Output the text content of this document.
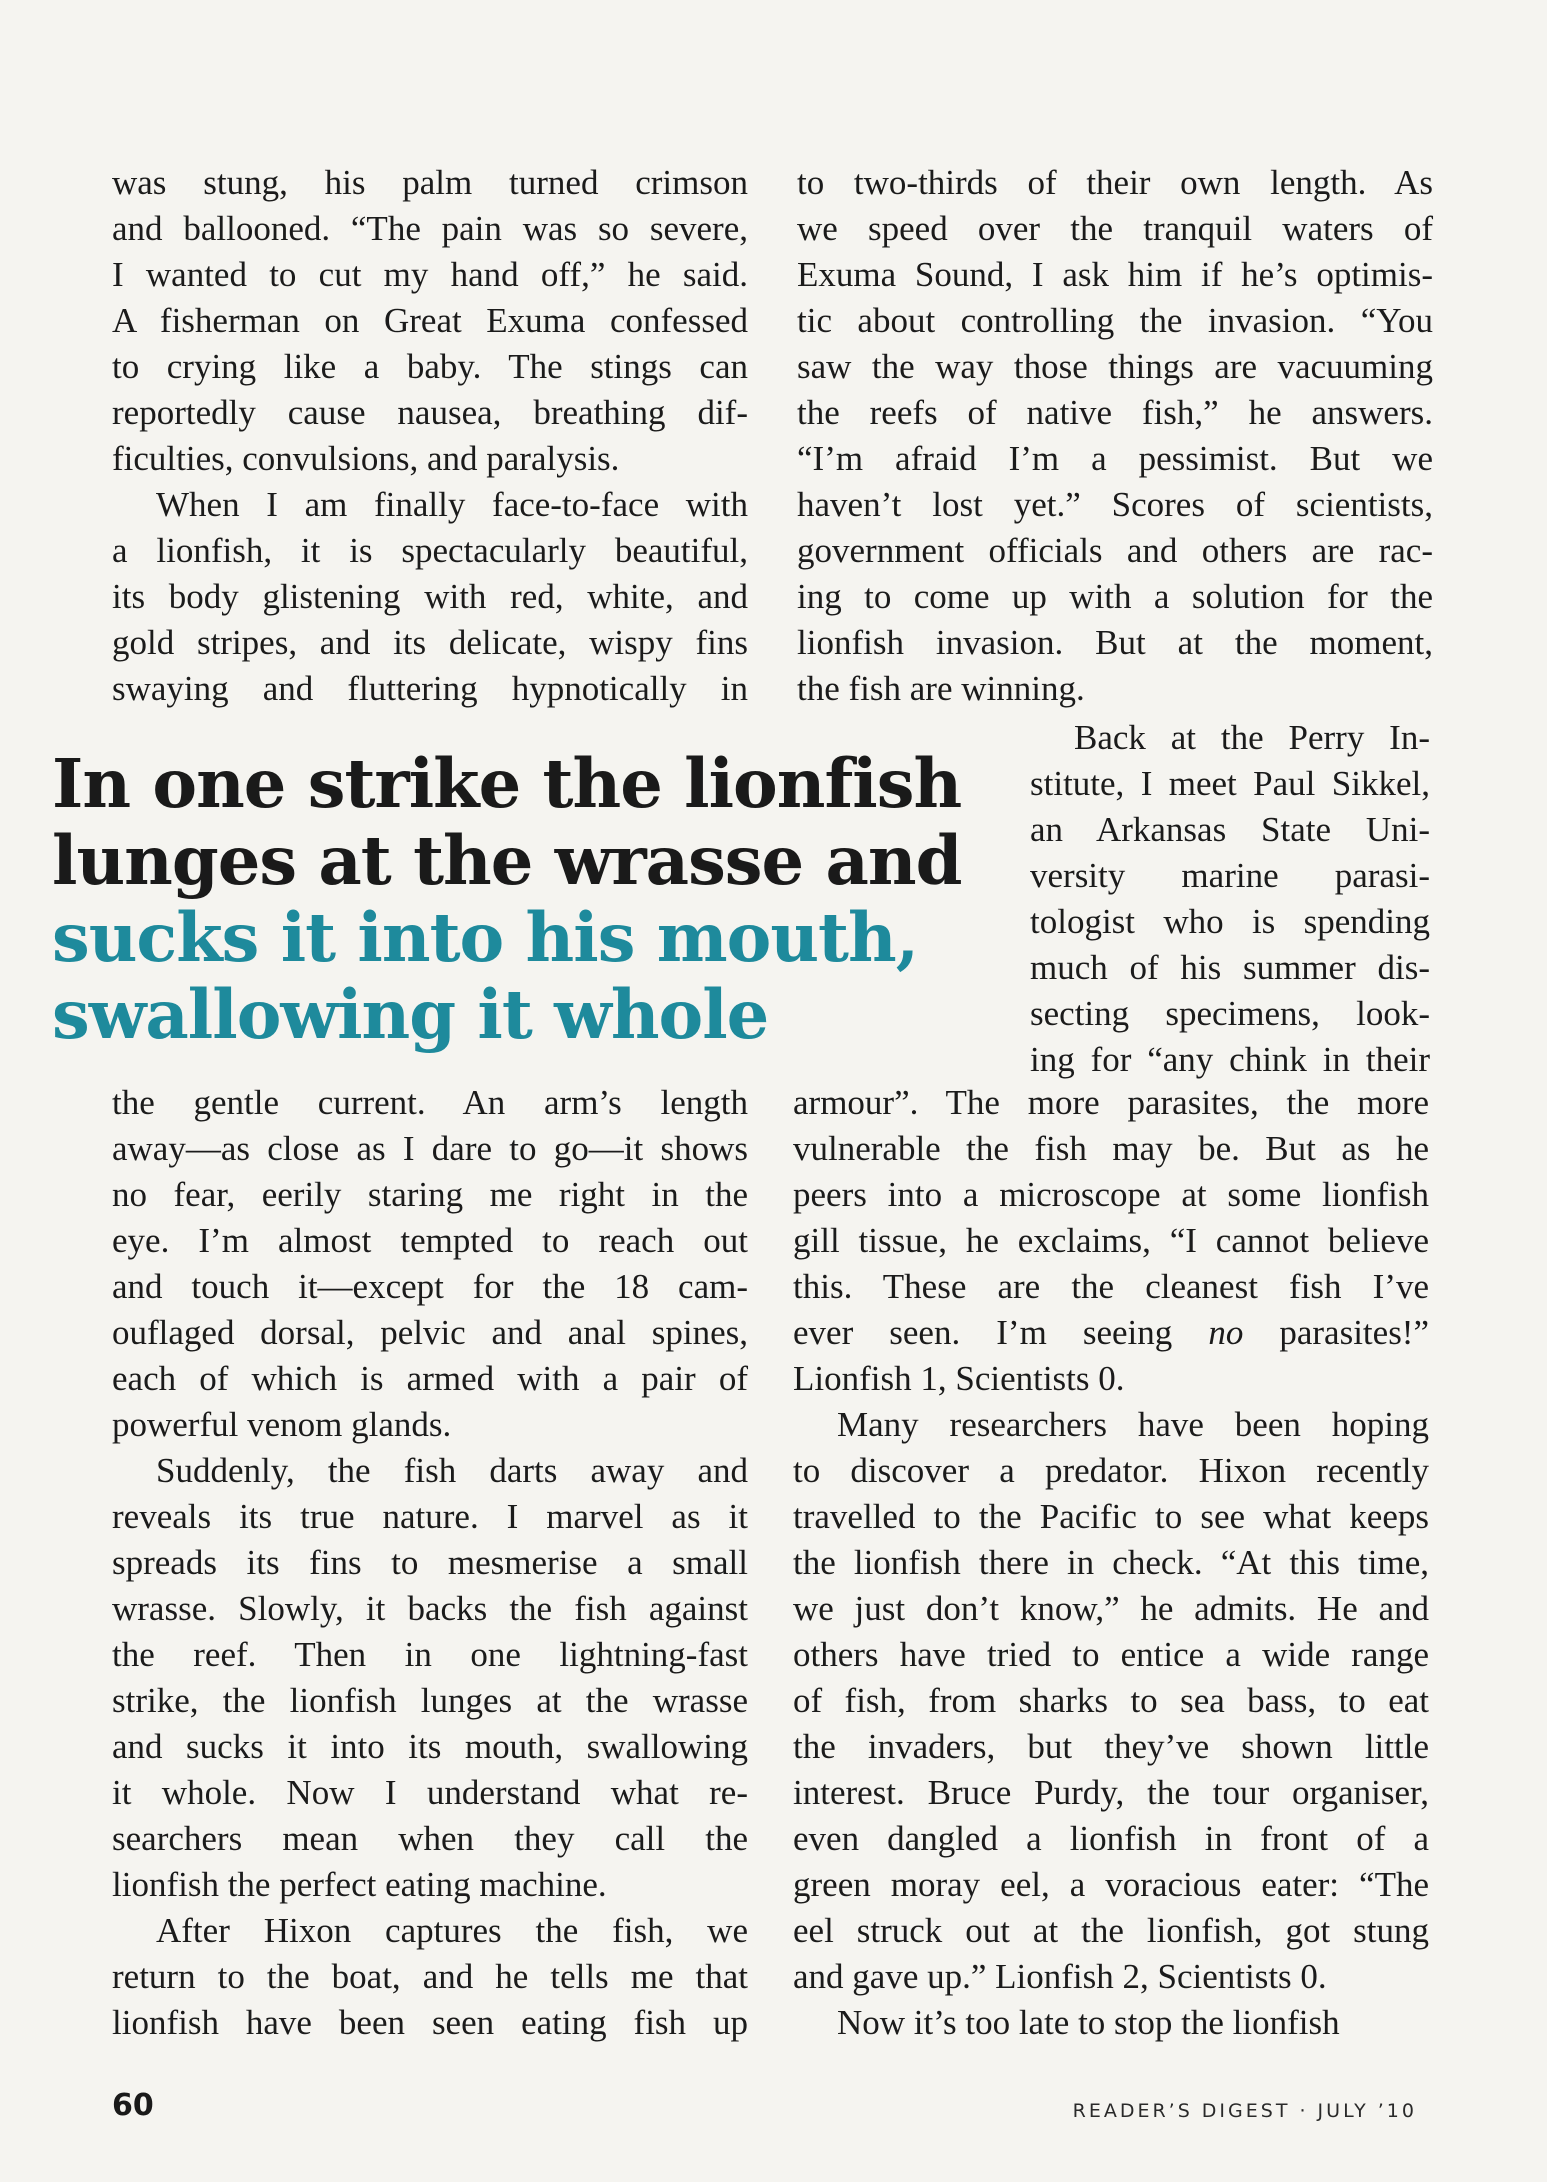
was stung, his palm turned crimson
and ballooned. “The pain was so severe,
I wanted to cut my hand off,” he said.
A fisherman on Great Exuma confessed
to crying like a baby. The stings can
reportedly cause nausea, breathing dif-
ficulties, convulsions, and paralysis.
When I am finally face-to-face with
a lionfish, it is spectacularly beautiful,
its body glistening with red, white, and
gold stripes, and its delicate, wispy fins
swaying and fluttering hypnotically in
to two-thirds of their own length. As
we speed over the tranquil waters of
Exuma Sound, I ask him if he’s optimis-
tic about controlling the invasion. “You
saw the way those things are vacuuming
the reefs of native fish,” he answers.
“I’m afraid I’m a pessimist. But we
haven’t lost yet.” Scores of scientists,
government officials and others are rac-
ing to come up with a solution for the
lionfish invasion. But at the moment,
the fish are winning.
In one strike the lionfish
lunges at the wrasse and
sucks it into his mouth,
swallowing it whole
Back at the Perry In-
stitute, I meet Paul Sikkel,
an Arkansas State Uni-
versity marine parasi-
tologist who is spending
much of his summer dis-
secting specimens, look-
ing for “any chink in their
the gentle current. An arm’s length
away—as close as I dare to go—it shows
no fear, eerily staring me right in the
eye. I’m almost tempted to reach out
and touch it—except for the 18 cam-
ouflaged dorsal, pelvic and anal spines,
each of which is armed with a pair of
powerful venom glands.
Suddenly, the fish darts away and
reveals its true nature. I marvel as it
spreads its fins to mesmerise a small
wrasse. Slowly, it backs the fish against
the reef. Then in one lightning-fast
strike, the lionfish lunges at the wrasse
and sucks it into its mouth, swallowing
it whole. Now I understand what re-
searchers mean when they call the
lionfish the perfect eating machine.
After Hixon captures the fish, we
return to the boat, and he tells me that
lionfish have been seen eating fish up
armour”. The more parasites, the more
vulnerable the fish may be. But as he
peers into a microscope at some lionfish
gill tissue, he exclaims, “I cannot believe
this. These are the cleanest fish I’ve
ever seen. I’m seeing no parasites!”
Lionfish 1, Scientists 0.
Many researchers have been hoping
to discover a predator. Hixon recently
travelled to the Pacific to see what keeps
the lionfish there in check. “At this time,
we just don’t know,” he admits. He and
others have tried to entice a wide range
of fish, from sharks to sea bass, to eat
the invaders, but they’ve shown little
interest. Bruce Purdy, the tour organiser,
even dangled a lionfish in front of a
green moray eel, a voracious eater: “The
eel struck out at the lionfish, got stung
and gave up.” Lionfish 2, Scientists 0.
Now it’s too late to stop the lionfish
60	READER’S DIGEST · JULY ’10
